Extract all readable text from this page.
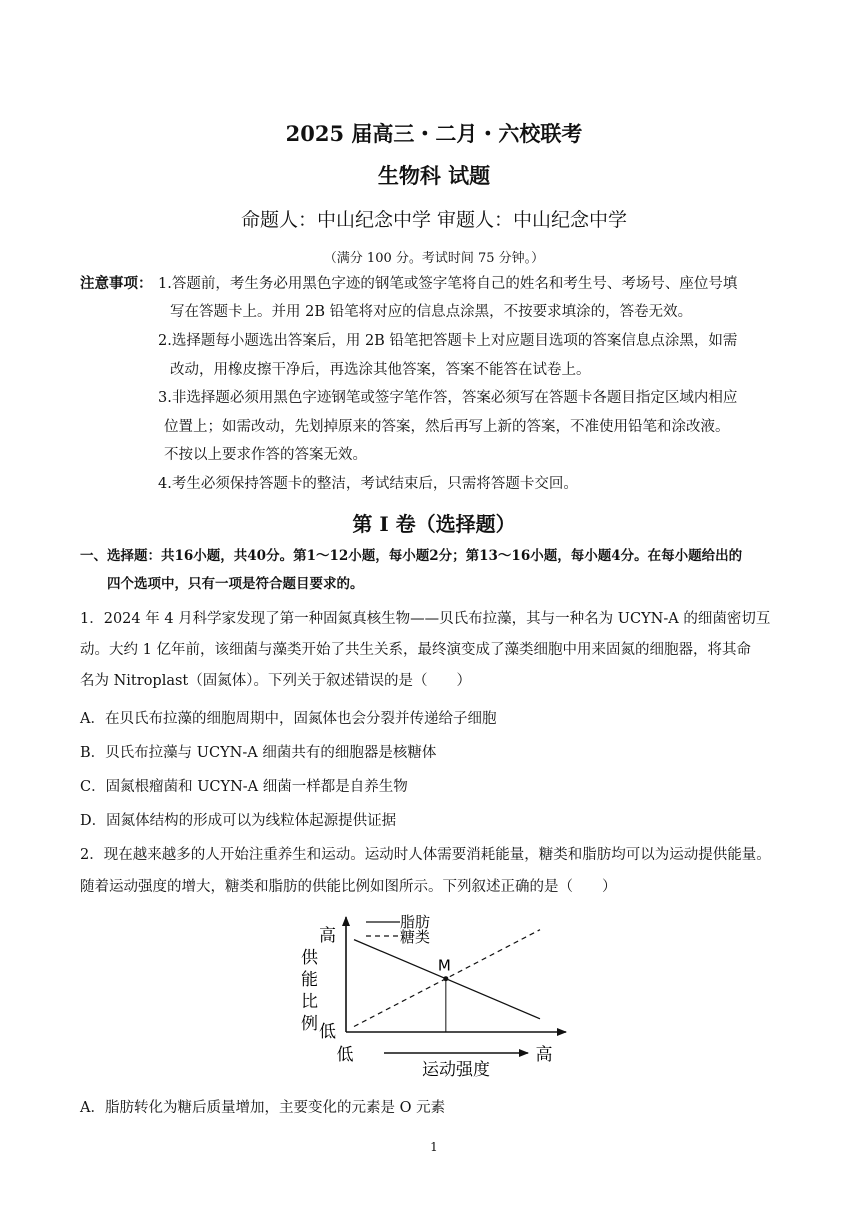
2025 届高三・二月・六校联考
生物科 试题
命题人：中山纪念中学 审题人：中山纪念中学
（满分 100 分。考试时间 75 分钟。）
注意事项： 1.答题前，考生务必用黑色字迹的钢笔或签字笔将自己的姓名和考生号、考场号、座位号填
写在答题卡上。并用 2B 铅笔将对应的信息点涂黑，不按要求填涂的，答卷无效。
2.选择题每小题选出答案后，用 2B 铅笔把答题卡上对应题目选项的答案信息点涂黑，如需
改动，用橡皮擦干净后，再选涂其他答案，答案不能答在试卷上。
3.非选择题必须用黑色字迹钢笔或签字笔作答，答案必须写在答题卡各题目指定区域内相应
位置上；如需改动，先划掉原来的答案，然后再写上新的答案，不准使用铅笔和涂改液。
不按以上要求作答的答案无效。
4.考生必须保持答题卡的整洁，考试结束后，只需将答题卡交回。
第 I 卷（选择题）
一、选择题：共16小题，共40分。第1～12小题，每小题2分；第13～16小题，每小题4分。在每小题给出的
四个选项中，只有一项是符合题目要求的。
1．2024 年 4 月科学家发现了第一种固氮真核生物——贝氏布拉藻，其与一种名为 UCYN-A 的细菌密切互
动。大约 1 亿年前，该细菌与藻类开始了共生关系，最终演变成了藻类细胞中用来固氮的细胞器，将其命
名为 Nitroplast（固氮体）。下列关于叙述错误的是（　　）
A．在贝氏布拉藻的细胞周期中，固氮体也会分裂并传递给子细胞
B．贝氏布拉藻与 UCYN-A 细菌共有的细胞器是核糖体
C．固氮根瘤菌和 UCYN-A 细菌一样都是自养生物
D．固氮体结构的形成可以为线粒体起源提供证据
2．现在越来越多的人开始注重养生和运动。运动时人体需要消耗能量，糖类和脂肪均可以为运动提供能量。
随着运动强度的增大，糖类和脂肪的供能比例如图所示。下列叙述正确的是（　　）
M
脂肪
糖类
高
低
低	高
运动强度
供能比例
A．脂肪转化为糖后质量增加，主要变化的元素是 O 元素
1
